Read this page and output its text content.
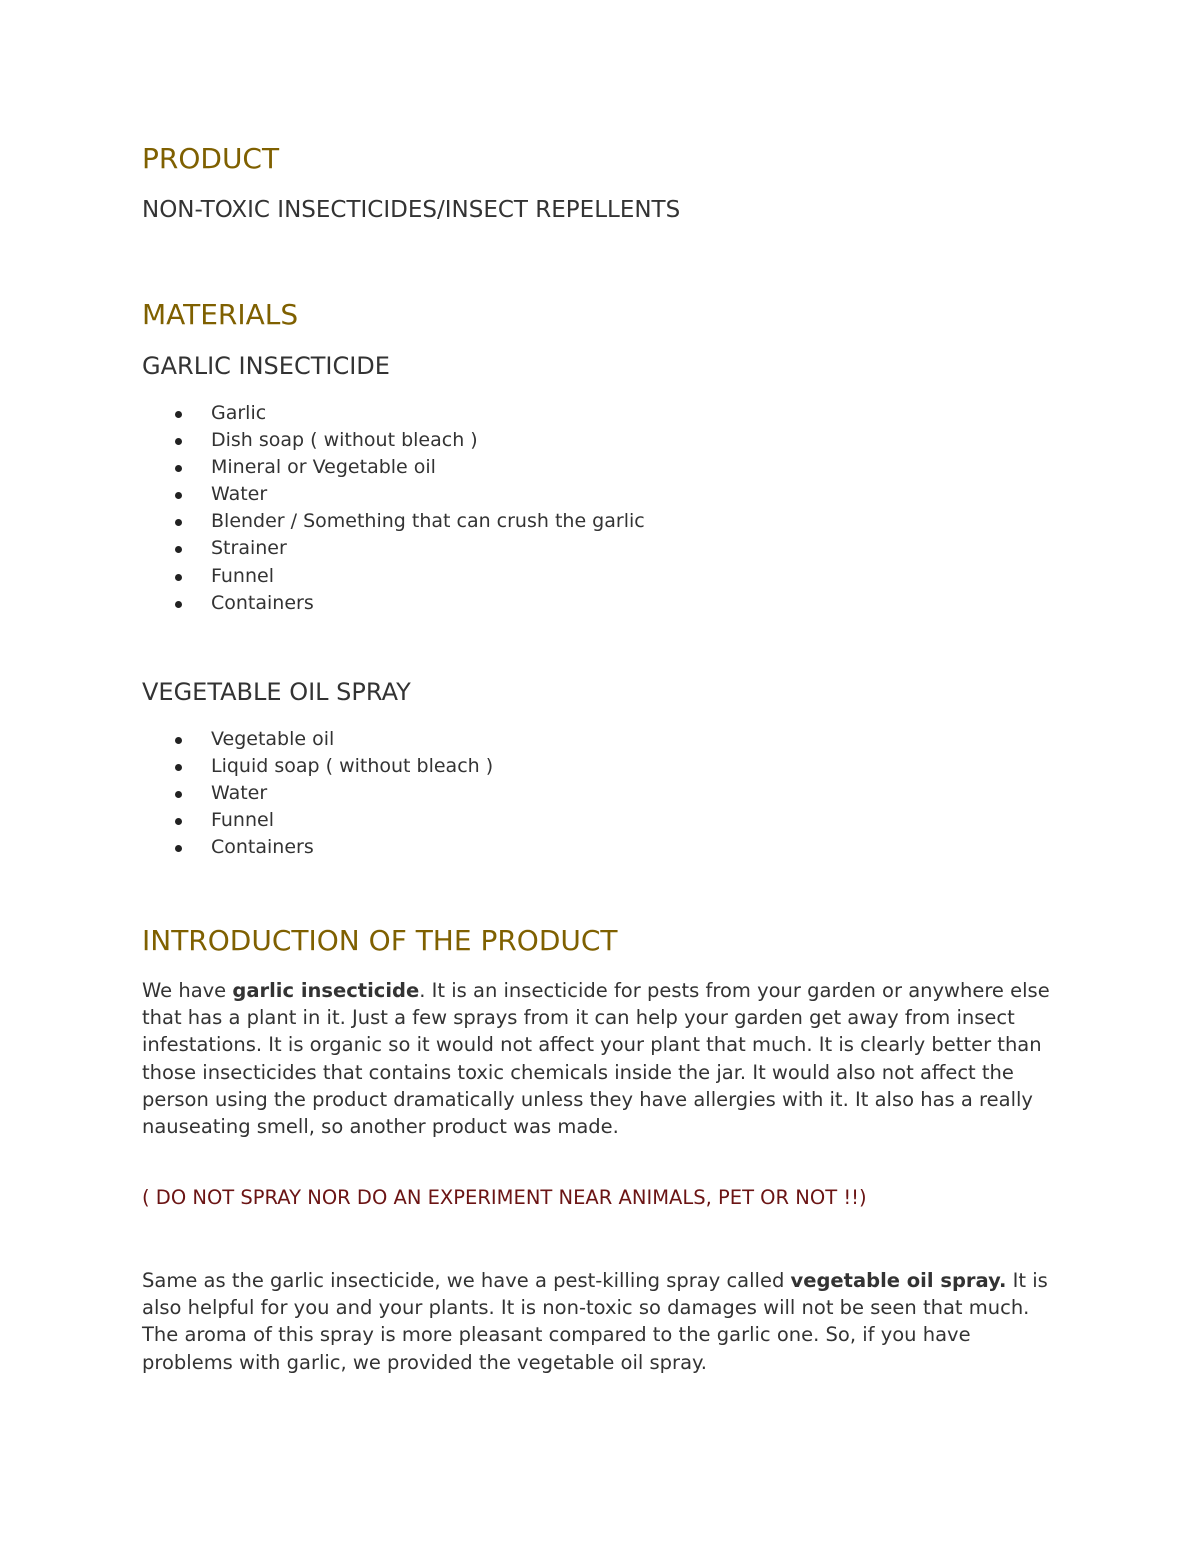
PRODUCT
NON-TOXIC INSECTICIDES/INSECT REPELLENTS
MATERIALS
GARLIC INSECTICIDE
Garlic
Dish soap ( without bleach )
Mineral or Vegetable oil
Water
Blender / Something that can crush the garlic
Strainer
Funnel
Containers
VEGETABLE OIL SPRAY
Vegetable oil
Liquid soap ( without bleach )
Water
Funnel
Containers
INTRODUCTION OF THE PRODUCT

We have garlic insecticide. It is an insecticide for pests from your garden or anywhere else that has a plant in it. Just a few sprays from it can help your garden get away from insect infestations. It is organic so it would not affect your plant that much. It is clearly better than those insecticides that contains toxic chemicals inside the jar. It would also not affect the person using the product dramatically unless they have allergies with it. It also has a really nauseating smell, so another product was made.

( DO NOT SPRAY NOR DO AN EXPERIMENT NEAR ANIMALS, PET OR NOT !!)

Same as the garlic insecticide, we have a pest-killing spray called vegetable oil spray. It is also helpful for you and your plants. It is non-toxic so damages will not be seen that much. The aroma of this spray is more pleasant compared to the garlic one. So, if you have problems with garlic, we provided the vegetable oil spray.
